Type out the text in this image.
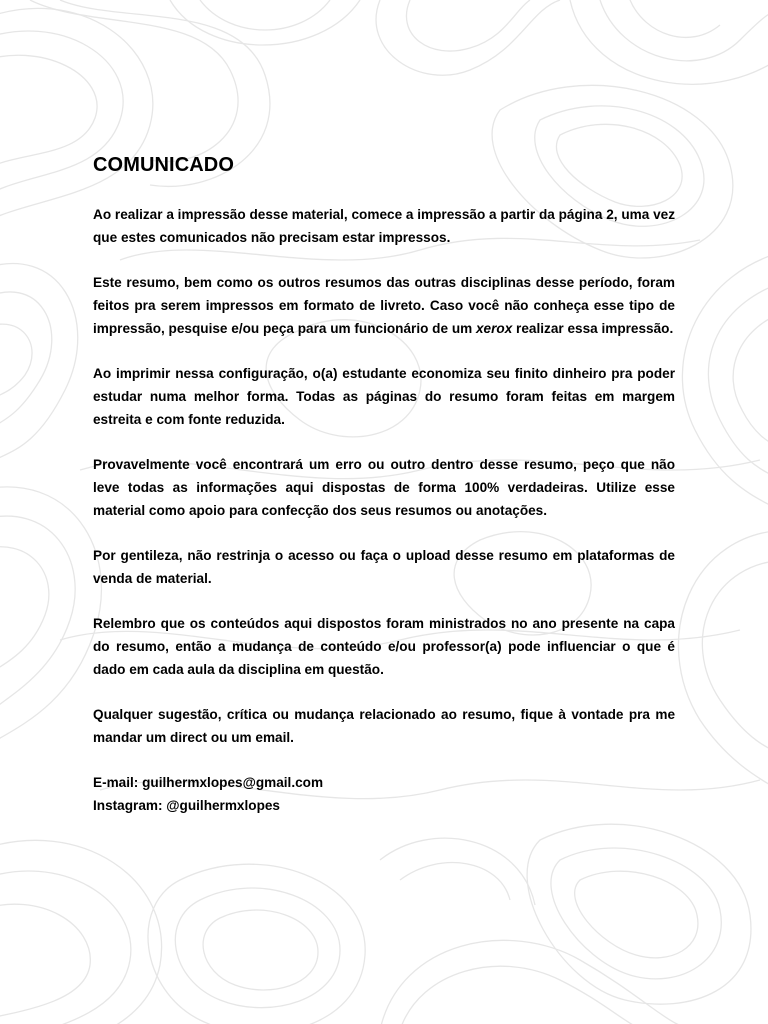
COMUNICADO

Ao realizar a impressão desse material, comece a impressão a partir da página 2, uma vez que estes comunicados não precisam estar impressos.

Este resumo, bem como os outros resumos das outras disciplinas desse período, foram feitos pra serem impressos em formato de livreto. Caso você não conheça esse tipo de impressão, pesquise e/ou peça para um funcionário de um xerox realizar essa impressão.

Ao imprimir nessa configuração, o(a) estudante economiza seu finito dinheiro pra poder estudar numa melhor forma. Todas as páginas do resumo foram feitas em margem estreita e com fonte reduzida.

Provavelmente você encontrará um erro ou outro dentro desse resumo, peço que não leve todas as informações aqui dispostas de forma 100% verdadeiras. Utilize esse material como apoio para confecção dos seus resumos ou anotações.

Por gentileza, não restrinja o acesso ou faça o upload desse resumo em plataformas de venda de material.

Relembro que os conteúdos aqui dispostos foram ministrados no ano presente na capa do resumo, então a mudança de conteúdo e/ou professor(a) pode influenciar o que é dado em cada aula da disciplina em questão.

Qualquer sugestão, crítica ou mudança relacionado ao resumo, fique à vontade pra me mandar um direct ou um email.

E-mail: guilhermxlopes@gmail.com

Instagram: @guilhermxlopes
